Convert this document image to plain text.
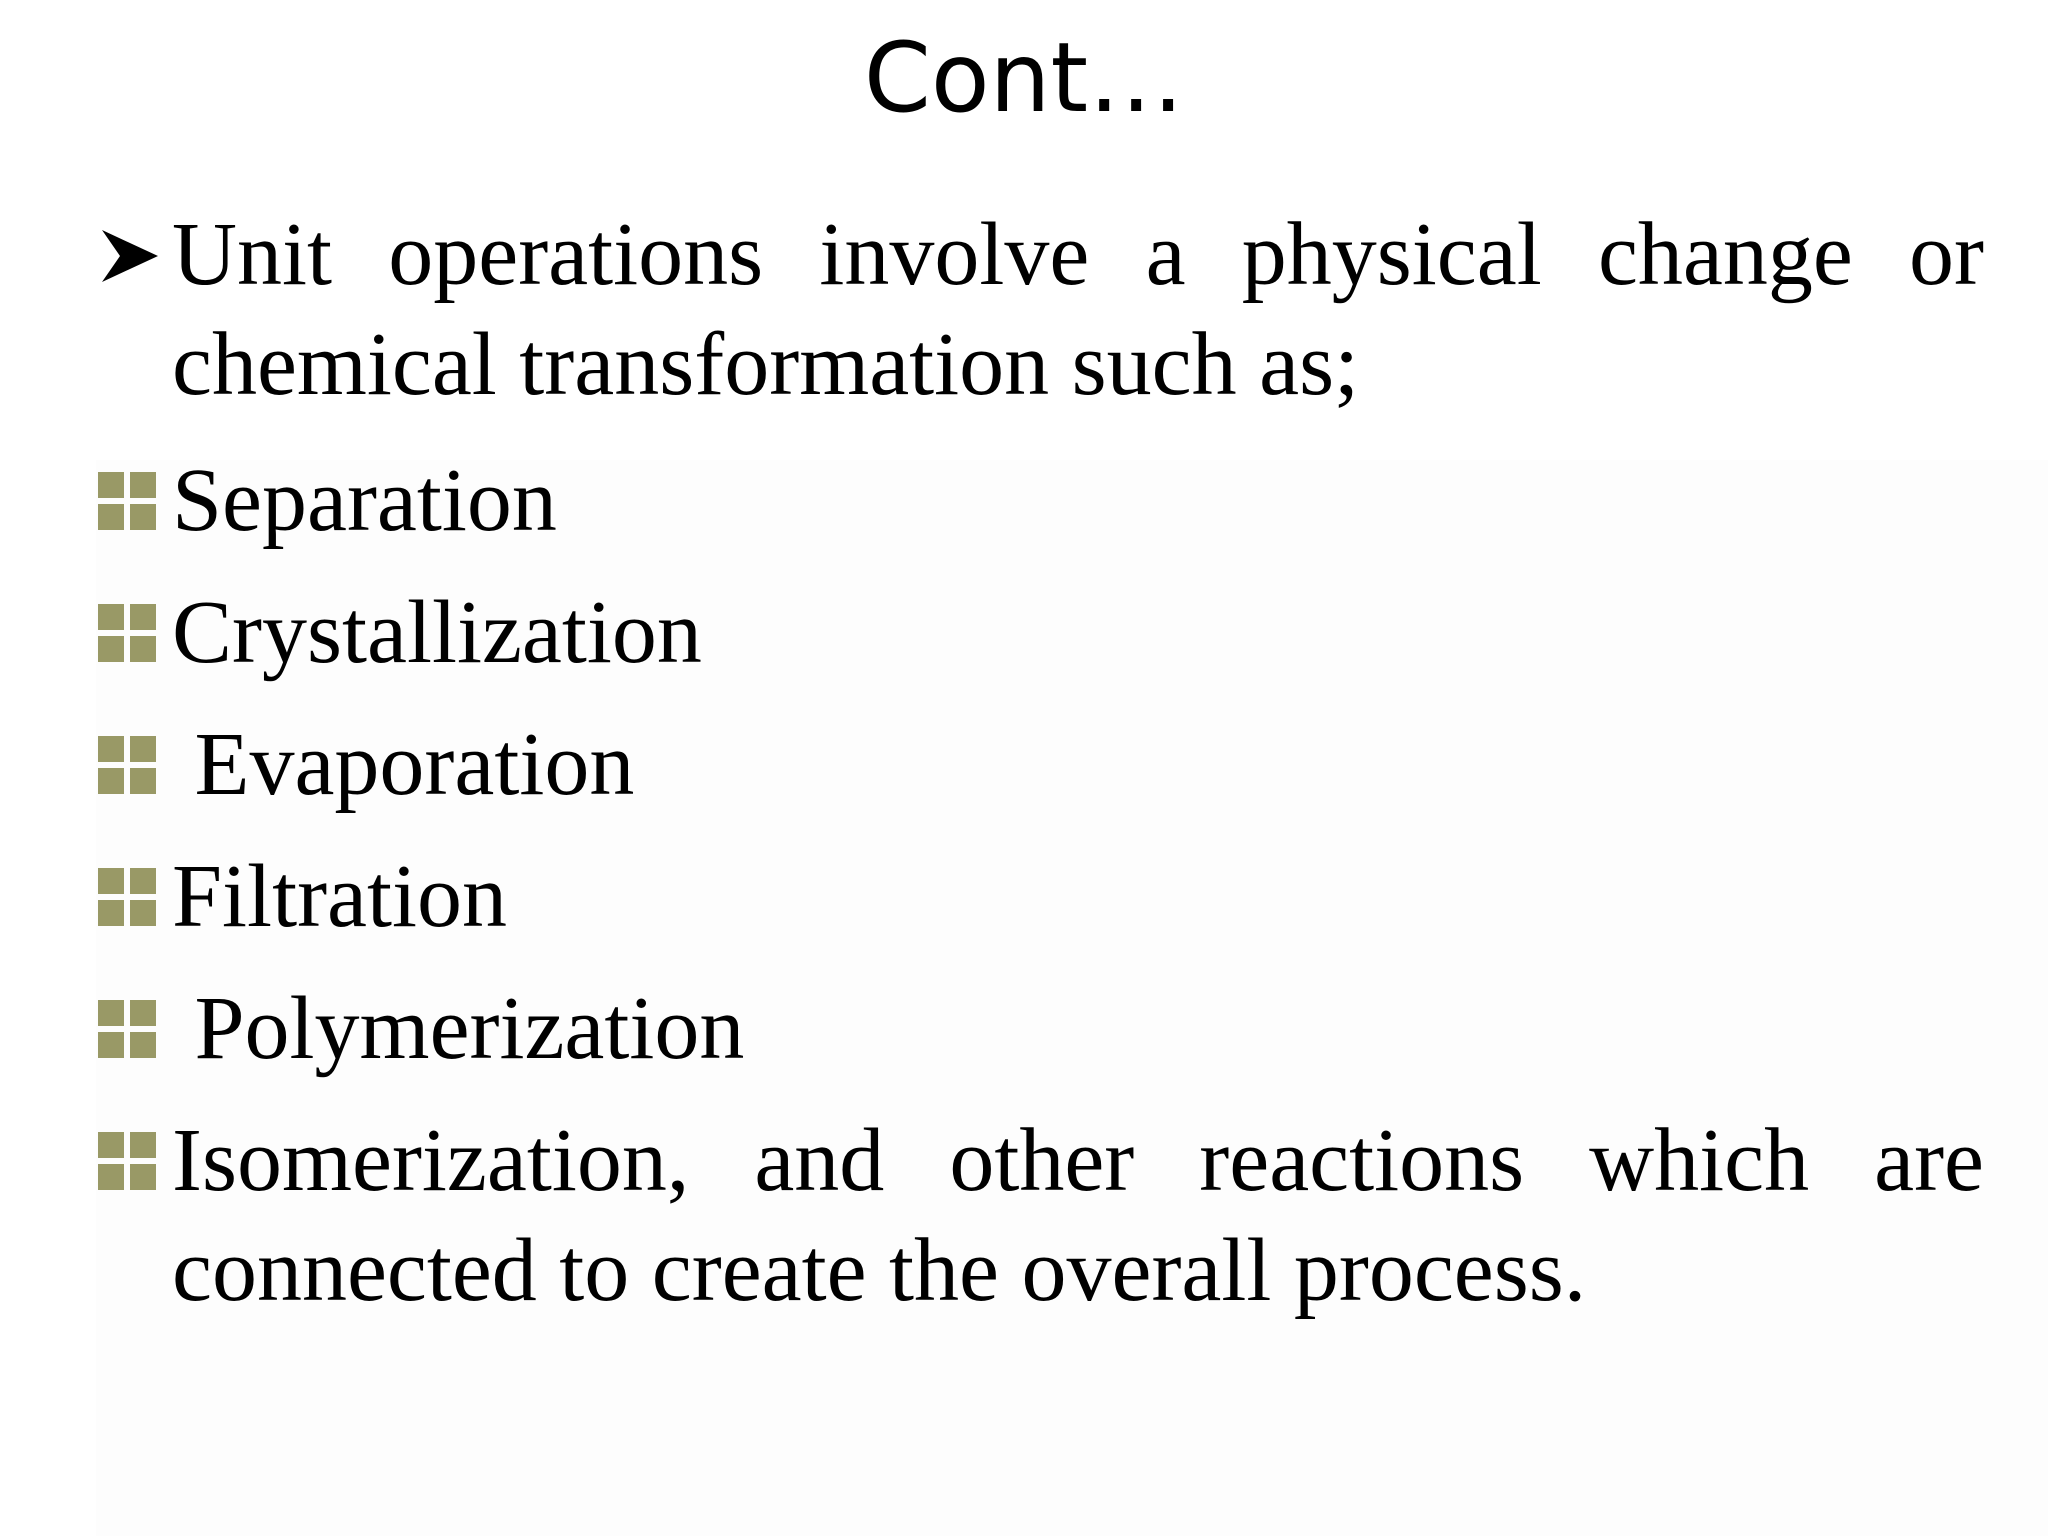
Cont…
Unit operations involve a physical change or chemical transformation such as;
Separation
Crystallization
Evaporation
Filtration
Polymerization
Isomerization, and other reactions which are connected to create the overall process.
